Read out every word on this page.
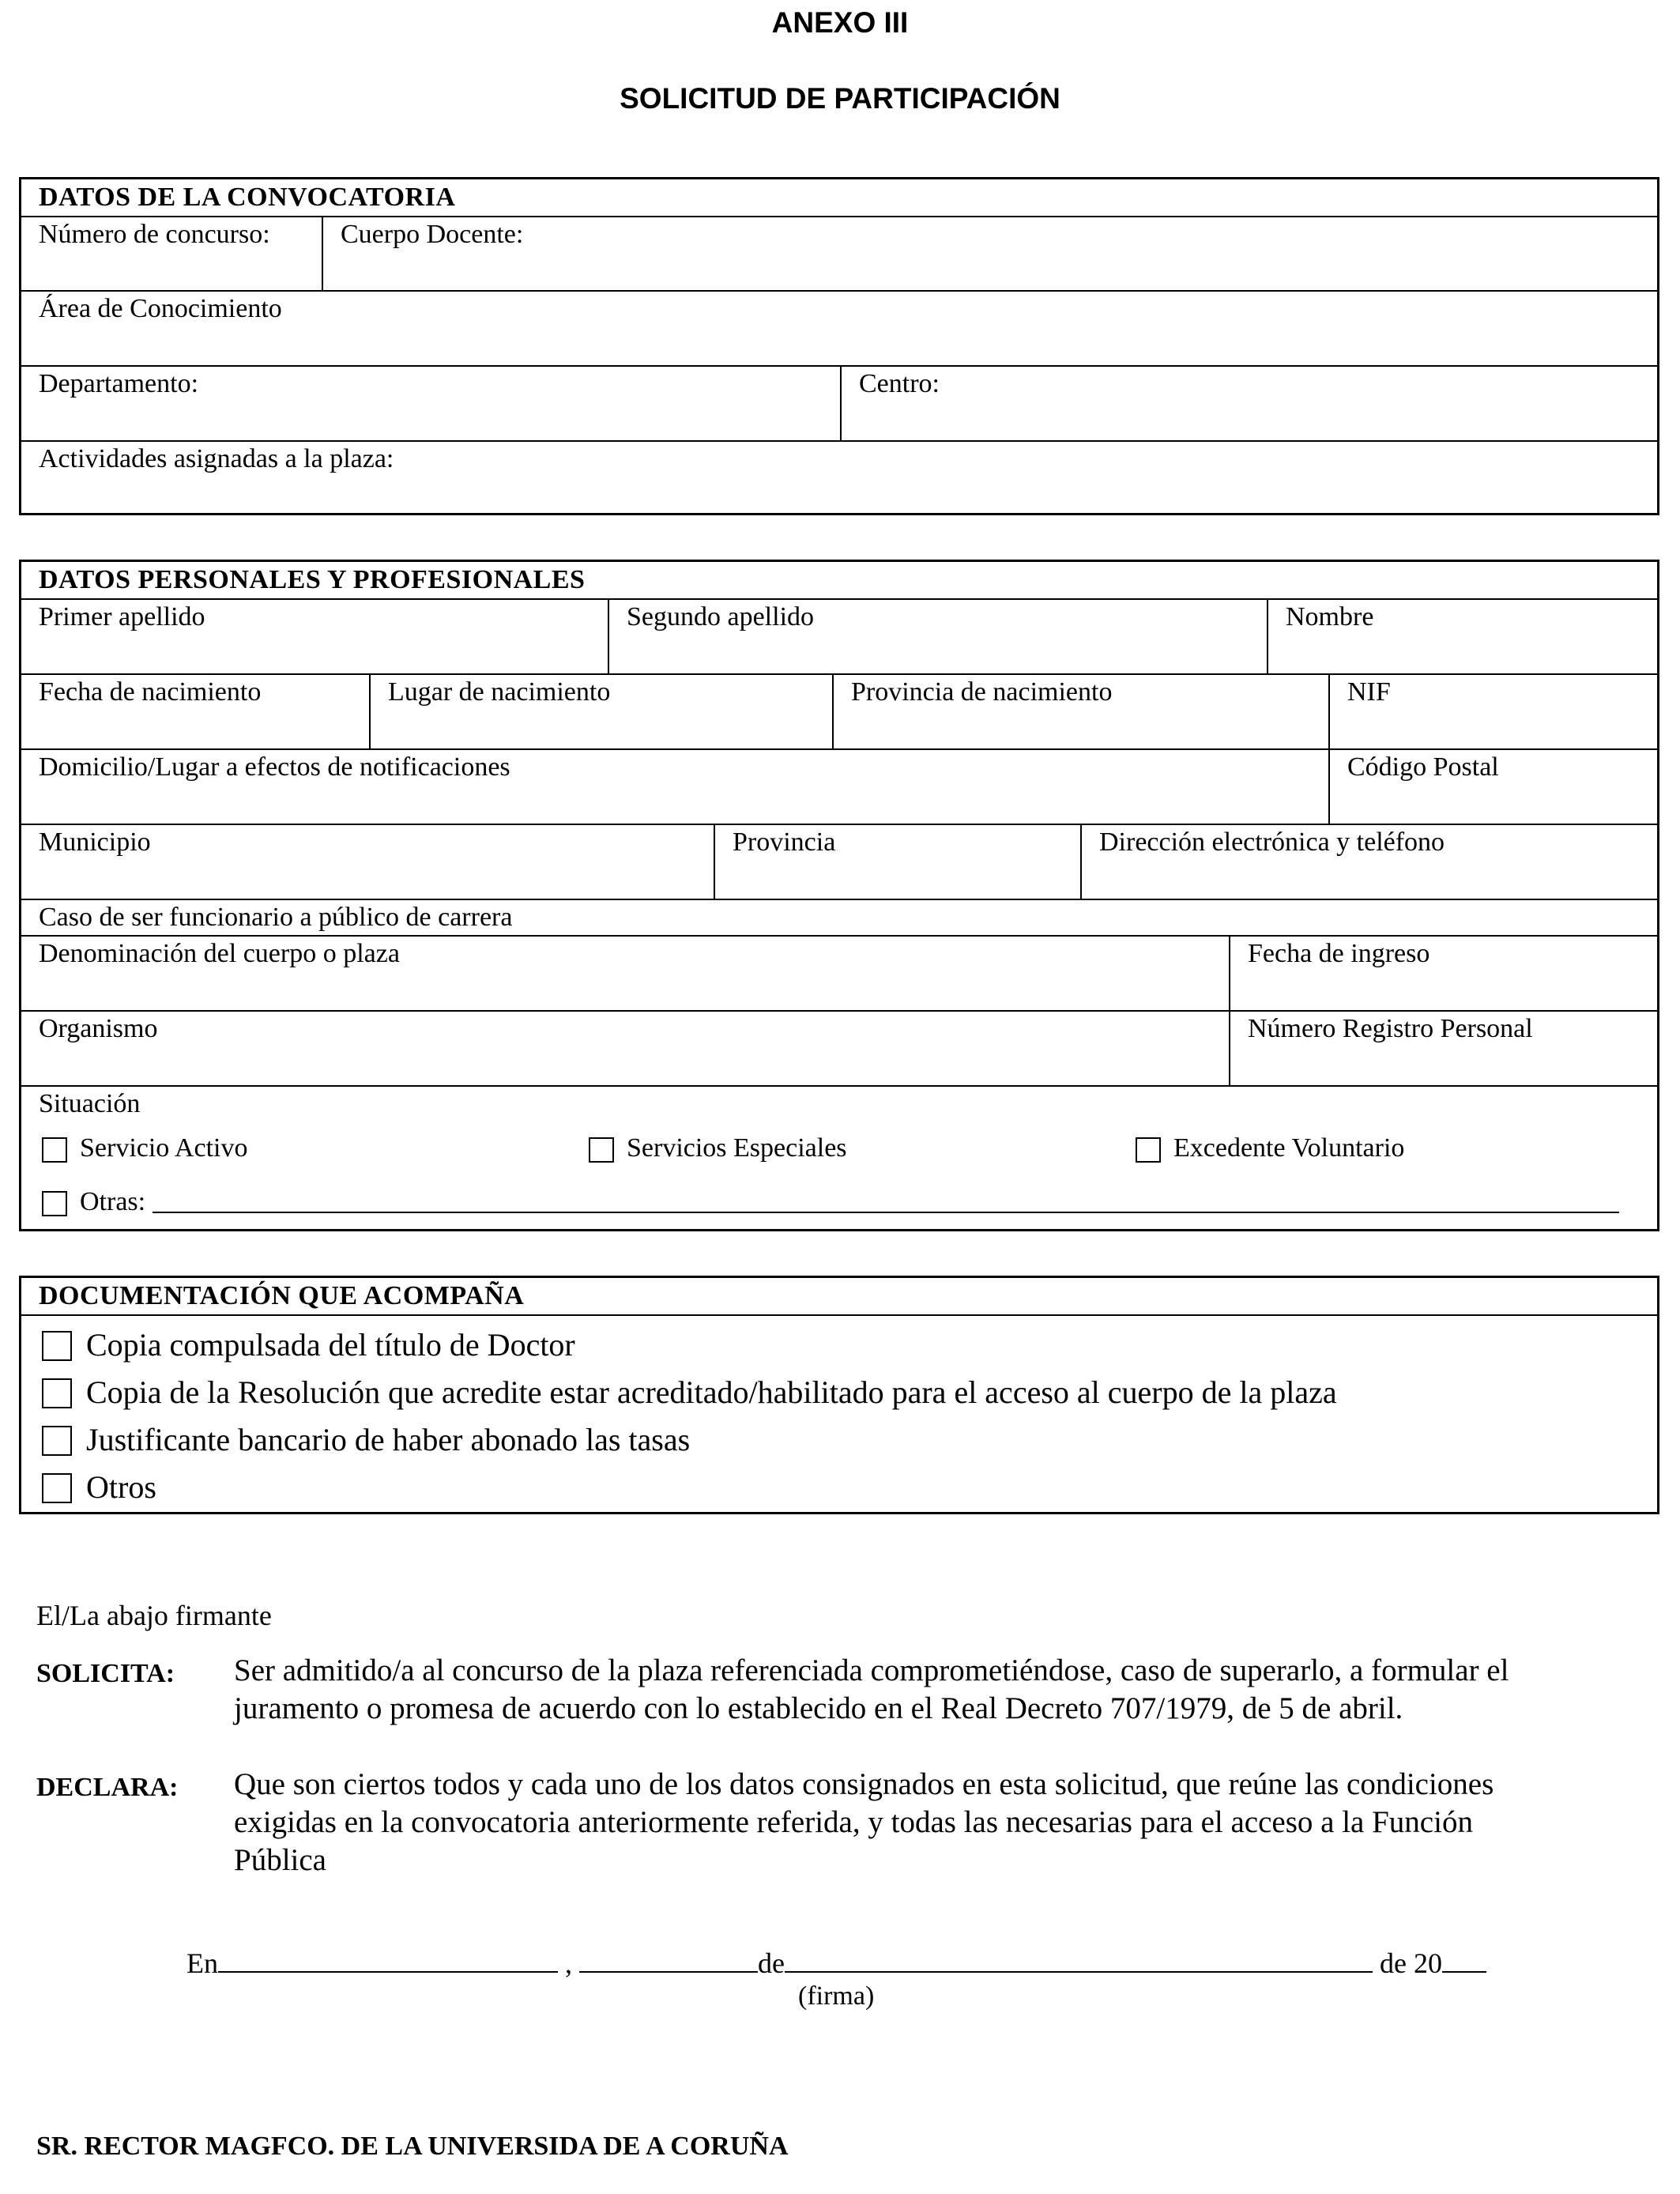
ANEXO III
SOLICITUD DE PARTICIPACIÓN
DATOS DE LA CONVOCATORIA
Número de concurso:	Cuerpo Docente:
Área de Conocimiento
Departamento:	Centro:
Actividades asignadas a la plaza:
DATOS PERSONALES Y PROFESIONALES
Primer apellido	Segundo apellido	Nombre
Fecha de nacimiento	Lugar de nacimiento	Provincia de nacimiento	NIF
Domicilio/Lugar a efectos de notificaciones	Código Postal
Municipio	Provincia	Dirección electrónica y teléfono
Caso de ser funcionario a público de carrera
Denominación del cuerpo o plaza	Fecha de ingreso
Organismo	Número Registro Personal
Situación
Servicio Activo	Servicios Especiales	Excedente Voluntario
Otras:
DOCUMENTACIÓN QUE ACOMPAÑA
Copia compulsada del título de Doctor
Copia de la Resolución que acredite estar acreditado/habilitado para el acceso al cuerpo de la plaza
Justificante bancario de haber abonado las tasas
Otros
El/La abajo firmante
SOLICITA: Ser admitido/a al concurso de la plaza referenciada comprometiéndose, caso de superarlo, a formular el
juramento o promesa de acuerdo con lo establecido en el Real Decreto 707/1979, de 5 de abril.
DECLARA: Que son ciertos todos y cada uno de los datos consignados en esta solicitud, que reúne las condiciones
exigidas en la convocatoria anteriormente referida, y todas las necesarias para el acceso a la Función
Pública
En	,	de	de 20
(firma)
SR. RECTOR MAGFCO. DE LA UNIVERSIDA DE A CORUÑA
